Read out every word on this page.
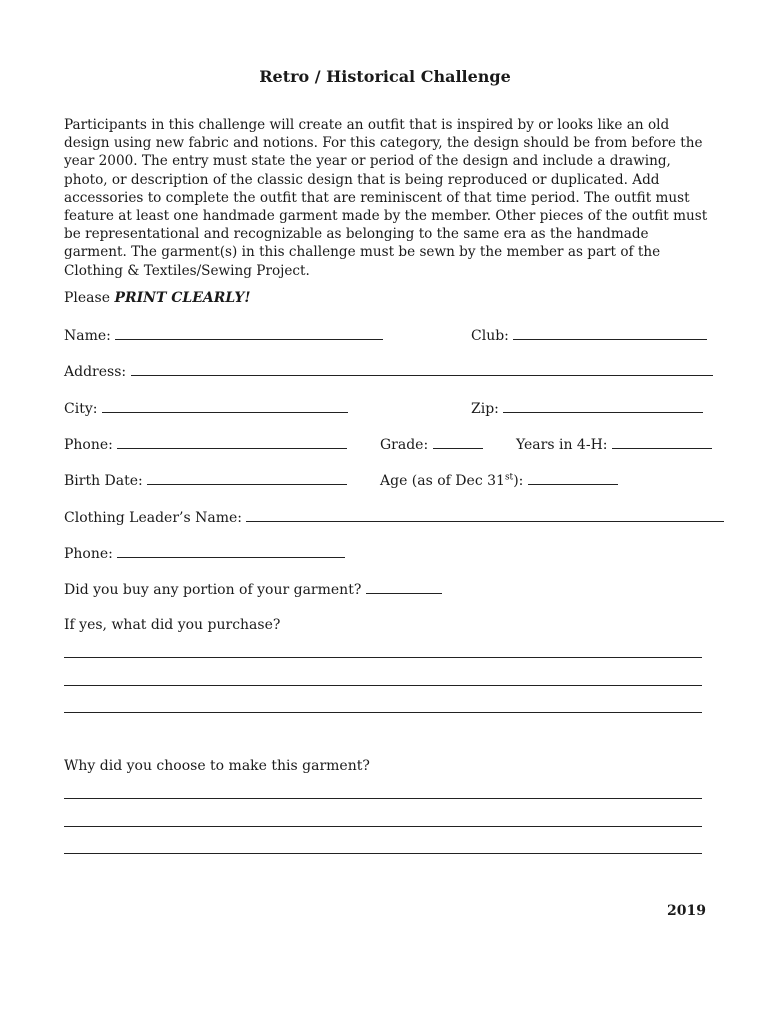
Retro / Historical Challenge
Participants in this challenge will create an outfit that is inspired by or looks like an old design using new fabric and notions. For this category, the design should be from before the year 2000. The entry must state the year or period of the design and include a drawing, photo, or description of the classic design that is being reproduced or duplicated. Add accessories to complete the outfit that are reminiscent of that time period. The outfit must feature at least one handmade garment made by the member. Other pieces of the outfit must be representational and recognizable as belonging to the same era as the handmade garment. The garment(s) in this challenge must be sewn by the member as part of the Clothing & Textiles/Sewing Project.
Please PRINT CLEARLY!
Name:	Club:
Address:
City:	Zip:
Phone:	Grade:	Years in 4-H:
Birth Date:	Age (as of Dec 31st):
Clothing Leader’s Name:
Phone:
Did you buy any portion of your garment?
If yes, what did you purchase?
Why did you choose to make this garment?
2019
